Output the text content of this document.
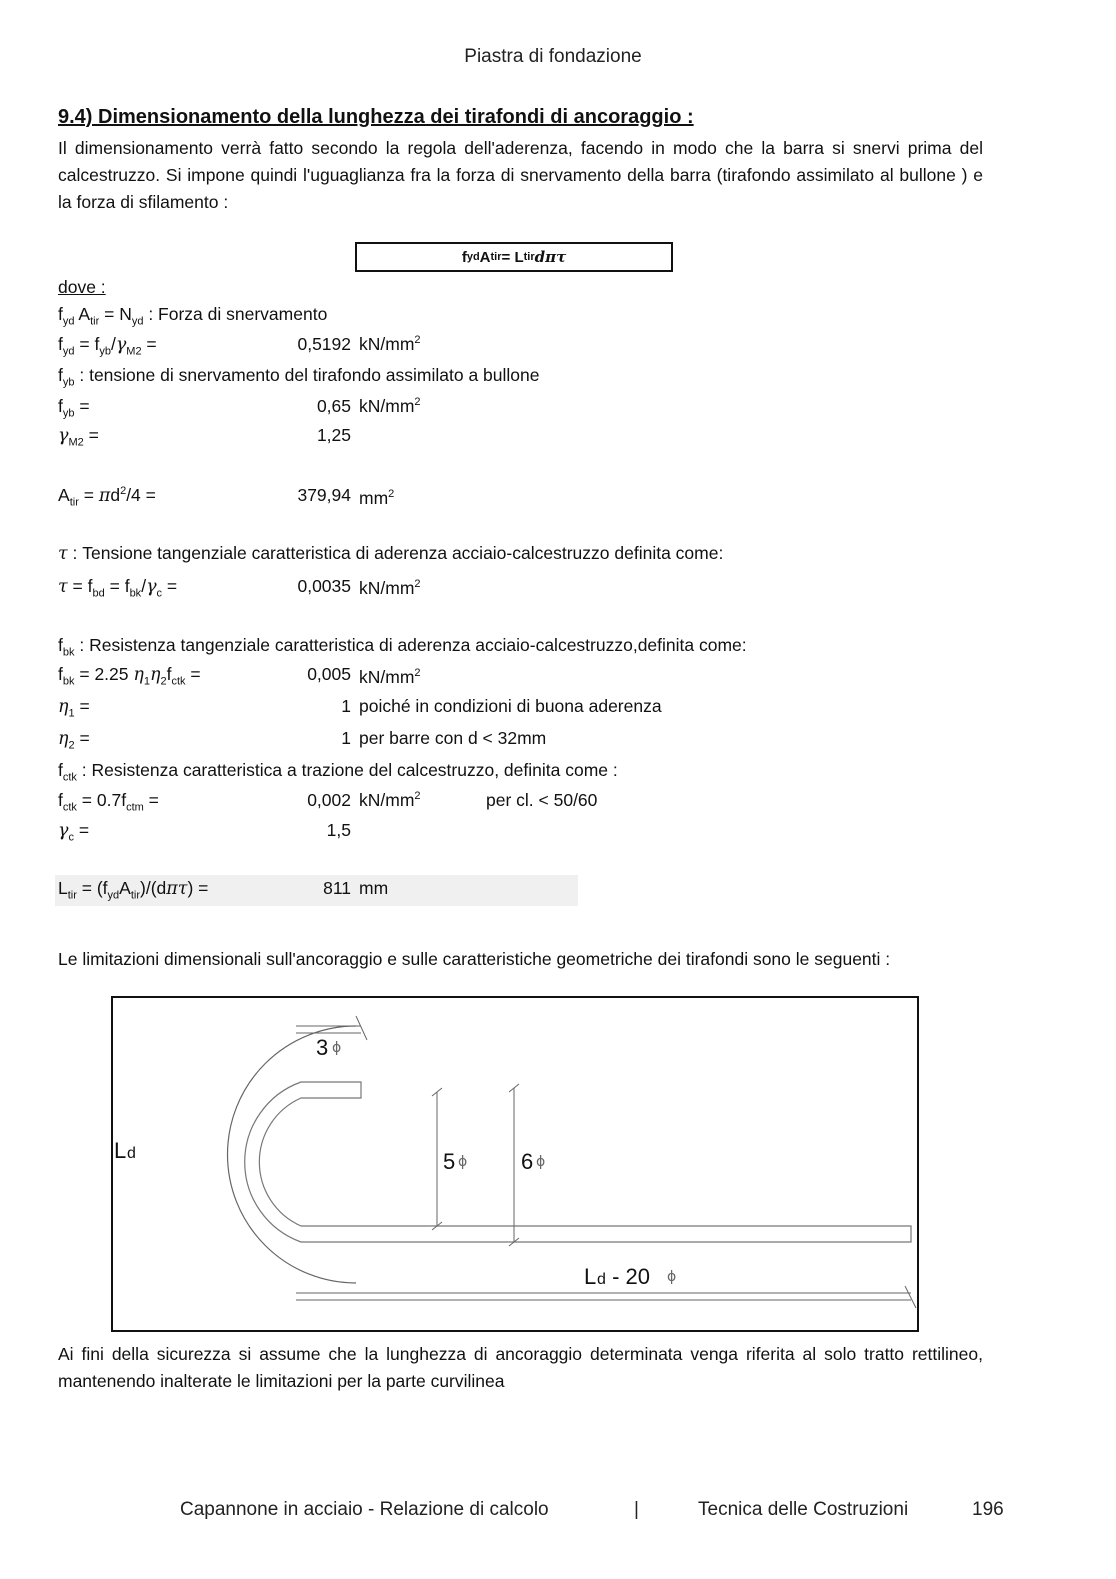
Piastra di fondazione
9.4) Dimensionamento della lunghezza dei tirafondi di ancoraggio :
Il dimensionamento verrà fatto secondo la regola dell'aderenza, facendo in modo che la barra si snervi prima del calcestruzzo. Si impone quindi l'uguaglianza fra la forza di snervamento della barra (tirafondo assimilato al bullone ) e la forza di sfilamento :
f yd A tir = L tir dπτ
dove :
$f_{yd}$ $A_{tir} = N_{yd}$ : Forza di snervamento
$f_{yd} = f_{yb}/\gamma_{M2}$ =	0,5192 $kN/mm^2$
$f_{yb}$ : tensione di snervamento del tirafondo assimilato a bullone
$f_{yb}$ =	0,65 $kN/mm^2$
$\gamma_{M2}$ =	1,25
$A_{tir} = \pi d^2/4$ =	379,94 $mm^2$
τ : Tensione tangenziale caratteristica di aderenza acciaio-calcestruzzo definita come:
$\tau = f_{bd} = f_{bk}/\gamma_c$ =	0,0035 $kN/mm^2$
$f_{bk}$ : Resistenza tangenziale caratteristica di aderenza acciaio-calcestruzzo,definita come:
$f_{bk} = 2.25$ $\eta_1\eta_2f_{ctk}$ =	0,005 $kN/mm^2$
$\eta_1$ =	1 poiché in condizioni di buona aderenza
$\eta_2$ =	1 per barre con d < 32mm
$f_{ctk}$ : Resistenza caratteristica a trazione del calcestruzzo, definita come :
$f_{ctk} = 0.7f_{ctm}$ =	0,002 $kN/mm^2$	per cl. < 50/60
$\gamma_c$ =	1,5
$L_{tir} = (f_{yd}A_{tir})/(d\pi\tau)$ =	811 mm
Le limitazioni dimensionali sull'ancoraggio e sulle caratteristiche geometriche dei tirafondi sono le seguenti :
3 ϕ
L d	5 ϕ 6 ϕ
L d - 20 ϕ
Ai fini della sicurezza si assume che la lunghezza di ancoraggio determinata venga riferita al solo tratto rettilineo, mantenendo inalterate le limitazioni per la parte curvilinea
Capannone in acciaio - Relazione di calcolo	|	Tecnica delle Costruzioni	196
